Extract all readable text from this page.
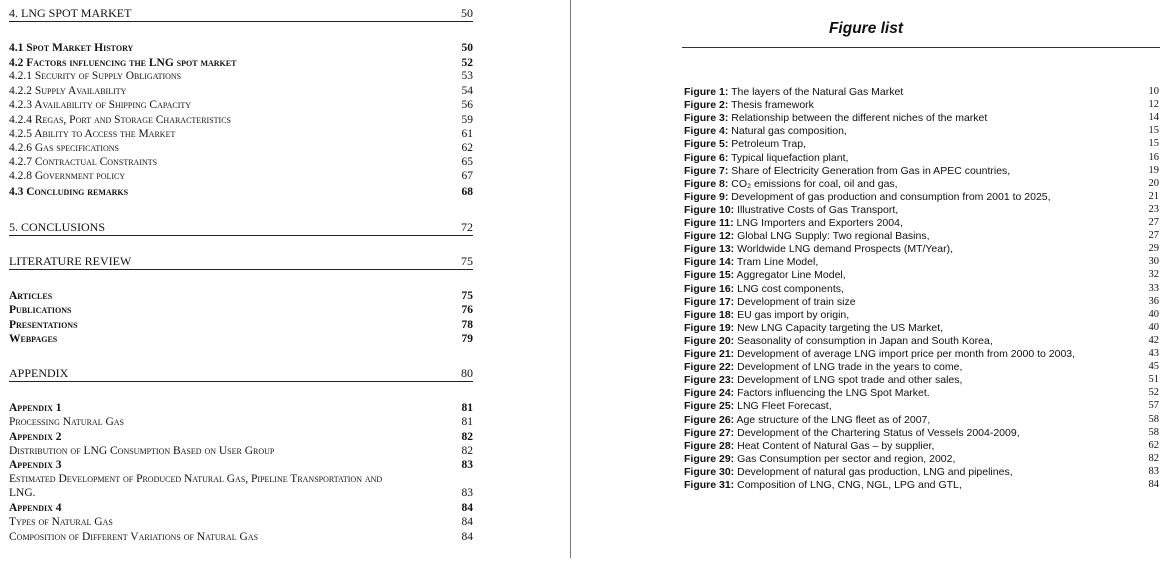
4. LNG SPOT MARKET	50
4.1 Spot Market History	50
4.2 Factors influencing the LNG spot market	52
4.2.1 Security of Supply Obligations	53
4.2.2 Supply Availability	54
4.2.3 Availability of Shipping Capacity	56
4.2.4 Regas, Port and Storage Characteristics	59
4.2.5 Ability to Access the Market	61
4.2.6 Gas specifications	62
4.2.7 Contractual Constraints	65
4.2.8 Government policy	67
4.3 Concluding remarks	68
5. CONCLUSIONS	72
LITERATURE REVIEW	75
Articles	75
Publications	76
Presentations	78
Webpages	79
APPENDIX	80
Appendix 1	81
Processing Natural Gas	81
Appendix 2	82
Distribution of LNG Consumption Based on User Group	82
Appendix 3	83
Estimated Development of Produced Natural Gas, Pipeline Transportation and
LNG.	83
Appendix 4	84
Types of Natural Gas	84
Composition of Different Variations of Natural Gas	84
Figure list
Figure 1: The layers of the Natural Gas Market	10
Figure 2: Thesis framework	12
Figure 3: Relationship between the different niches of the market	14
Figure 4: Natural gas composition,	15
Figure 5: Petroleum Trap,	15
Figure 6: Typical liquefaction plant,	16
Figure 7: Share of Electricity Generation from Gas in APEC countries,	19
Figure 8: CO₂ emissions for coal, oil and gas,	20
Figure 9: Development of gas production and consumption from 2001 to 2025,	21
Figure 10: Illustrative Costs of Gas Transport,	23
Figure 11: LNG Importers and Exporters 2004,	27
Figure 12: Global LNG Supply: Two regional Basins,	27
Figure 13: Worldwide LNG demand Prospects (MT/Year),	29
Figure 14: Tram Line Model,	30
Figure 15: Aggregator Line Model,	32
Figure 16: LNG cost components,	33
Figure 17: Development of train size	36
Figure 18: EU gas import by origin,	40
Figure 19: New LNG Capacity targeting the US Market,	40
Figure 20: Seasonality of consumption in Japan and South Korea,	42
Figure 21: Development of average LNG import price per month from 2000 to 2003,	43
Figure 22: Development of LNG trade in the years to come,	45
Figure 23: Development of LNG spot trade and other sales,	51
Figure 24: Factors influencing the LNG Spot Market.	52
Figure 25: LNG Fleet Forecast,	57
Figure 26: Age structure of the LNG fleet as of 2007,	58
Figure 27: Development of the Chartering Status of Vessels 2004-2009,	58
Figure 28: Heat Content of Natural Gas – by supplier,	62
Figure 29: Gas Consumption per sector and region, 2002,	82
Figure 30: Development of natural gas production, LNG and pipelines,	83
Figure 31: Composition of LNG, CNG, NGL, LPG and GTL,	84
